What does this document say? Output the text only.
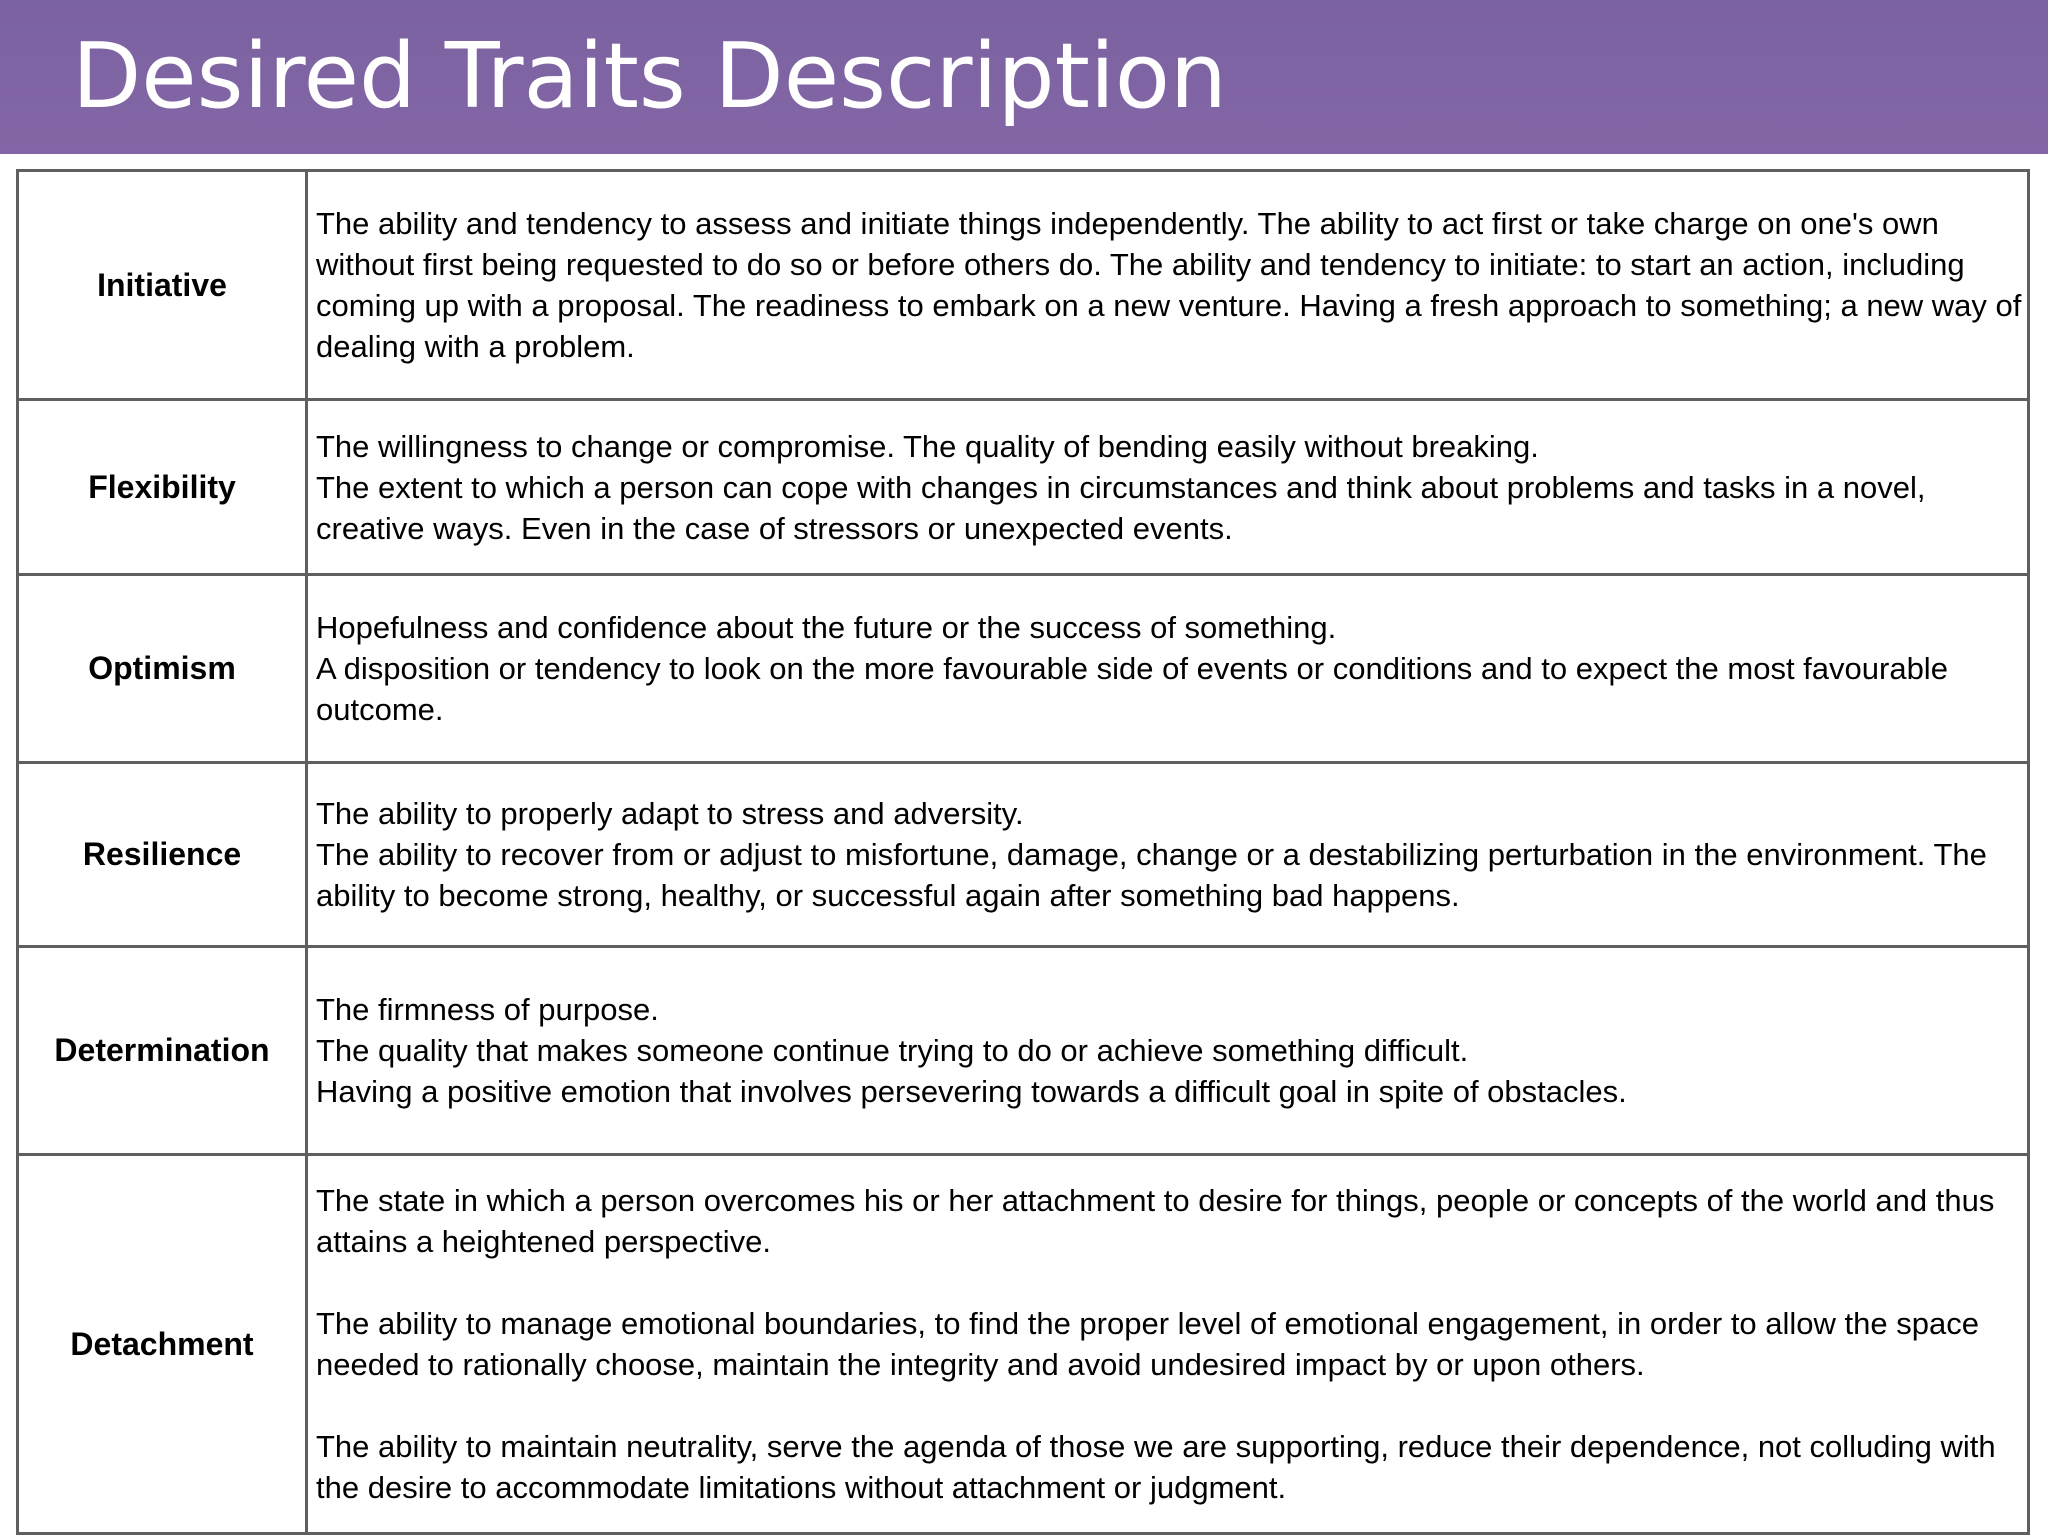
Desired Traits Description
Initiative	The ability and tendency to assess and initiate things independently. The ability to act first or take charge on one's own without first being requested to do so or before others do. The ability and tendency to initiate: to start an action, including coming up with a proposal. The readiness to embark on a new venture. Having a fresh approach to something; a new way of dealing with a problem.

Flexibility	The willingness to change or compromise. The quality of bending easily without breaking.

The extent to which a person can cope with changes in circumstances and think about problems and tasks in a novel, creative ways. Even in the case of stressors or unexpected events.

Optimism	Hopefulness and confidence about the future or the success of something.

A disposition or tendency to look on the more favourable side of events or conditions and to expect the most favourable outcome.

Resilience	The ability to properly adapt to stress and adversity.

The ability to recover from or adjust to misfortune, damage, change or a destabilizing perturbation in the environment. The ability to become strong, healthy, or successful again after something bad happens.

Determination	The firmness of purpose.

The quality that makes someone continue trying to do or achieve something difficult.

Having a positive emotion that involves persevering towards a difficult goal in spite of obstacles.

Detachment	The state in which a person overcomes his or her attachment to desire for things, people or concepts of the world and thus attains a heightened perspective.

The ability to manage emotional boundaries, to find the proper level of emotional engagement, in order to allow the space needed to rationally choose, maintain the integrity and avoid undesired impact by or upon others.

The ability to maintain neutrality, serve the agenda of those we are supporting, reduce their dependence, not colluding with the desire to accommodate limitations without attachment or judgment.
